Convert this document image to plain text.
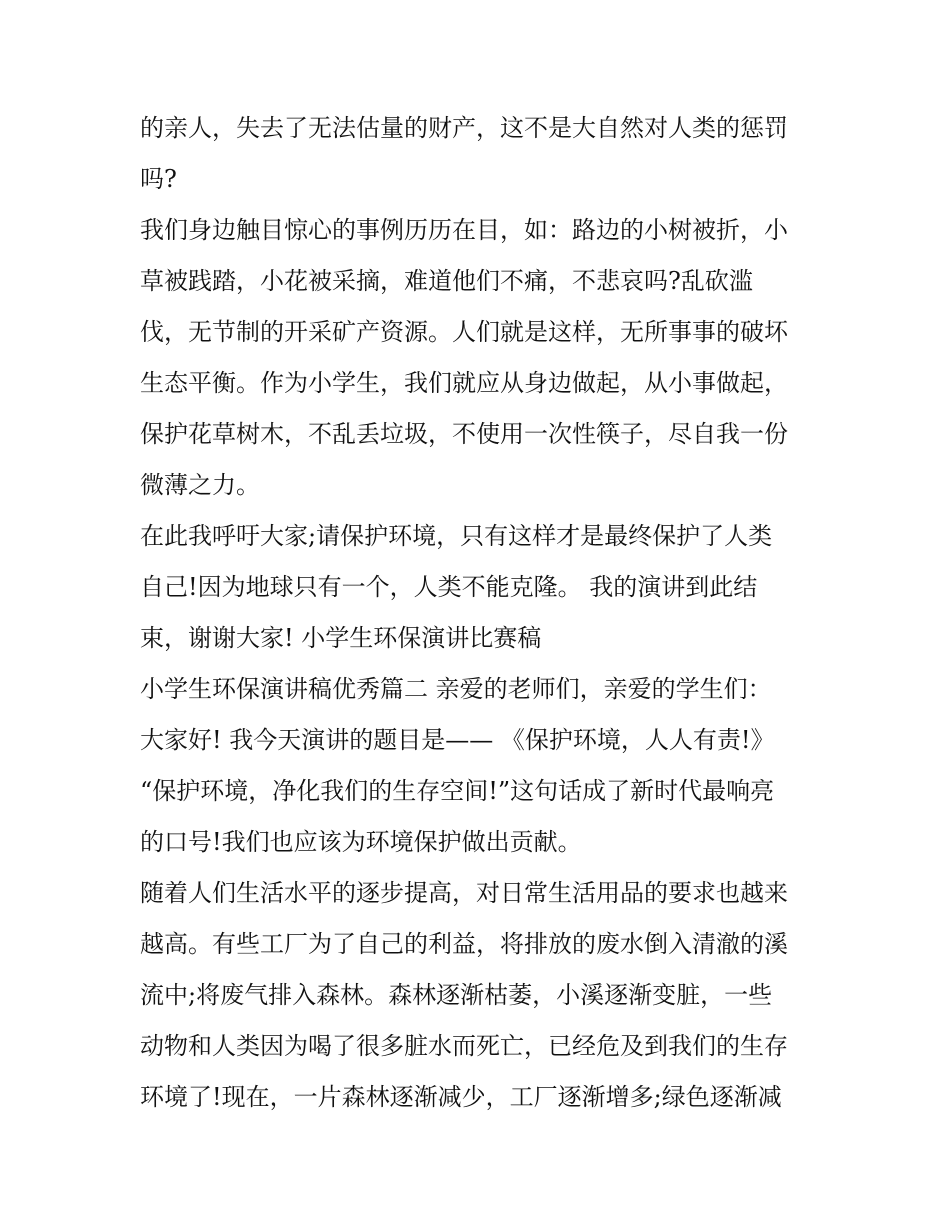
的亲人，失去了无法估量的财产，这不是大自然对人类的惩罚
吗?
我们身边触目惊心的事例历历在目，如：路边的小树被折，小
草被践踏，小花被采摘，难道他们不痛，不悲哀吗?乱砍滥
伐，无节制的开采矿产资源。人们就是这样，无所事事的破坏
生态平衡。作为小学生，我们就应从身边做起，从小事做起，
保护花草树木，不乱丢垃圾，不使用一次性筷子，尽自我一份
微薄之力。
在此我呼吁大家;请保护环境，只有这样才是最终保护了人类
自己!因为地球只有一个，人类不能克隆。 我的演讲到此结
束，谢谢大家! 小学生环保演讲比赛稿
小学生环保演讲稿优秀篇二 亲爱的老师们，亲爱的学生们：
大家好! 我今天演讲的题目是—— 《保护环境，人人有责!》
“保护环境，净化我们的生存空间!”这句话成了新时代最响亮
的口号!我们也应该为环境保护做出贡献。
随着人们生活水平的逐步提高，对日常生活用品的要求也越来
越高。有些工厂为了自己的利益，将排放的废水倒入清澈的溪
流中;将废气排入森林。森林逐渐枯萎，小溪逐渐变脏，一些
动物和人类因为喝了很多脏水而死亡，已经危及到我们的生存
环境了!现在，一片森林逐渐减少，工厂逐渐增多;绿色逐渐减
